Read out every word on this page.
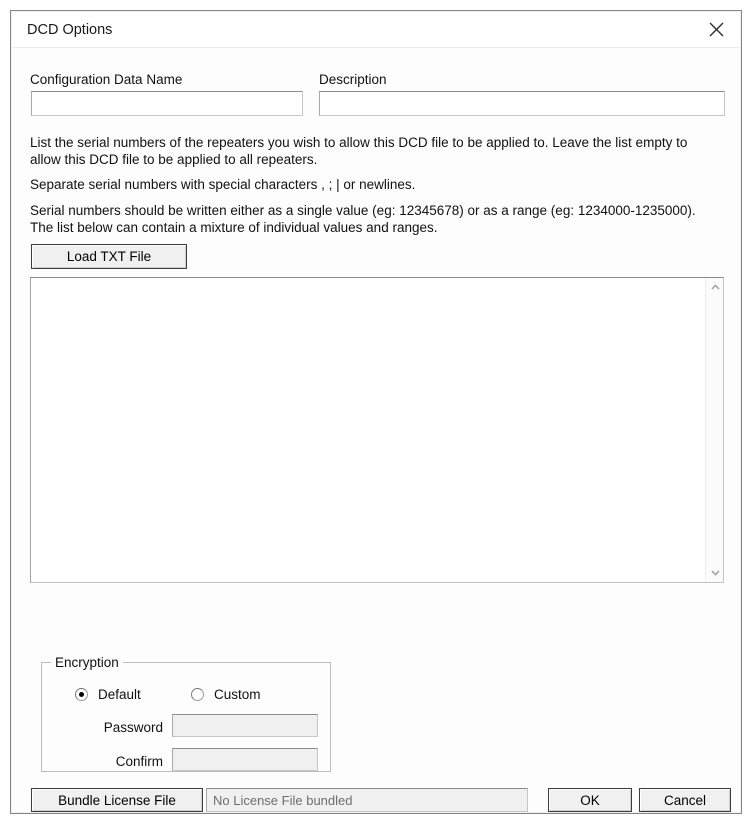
DCD Options
Configuration Data Name	Description
List the serial numbers of the repeaters you wish to allow this DCD file to be applied to. Leave the list empty to allow this DCD file to be applied to all repeaters.
Separate serial numbers with special characters , ; | or newlines.
Serial numbers should be written either as a single value (eg: 12345678) or as a range (eg: 1234000-1235000). The list below can contain a mixture of individual values and ranges.
Load TXT File
Encryption
Default	Custom
Password
Confirm
Bundle License File	No License File bundled	OK	Cancel
